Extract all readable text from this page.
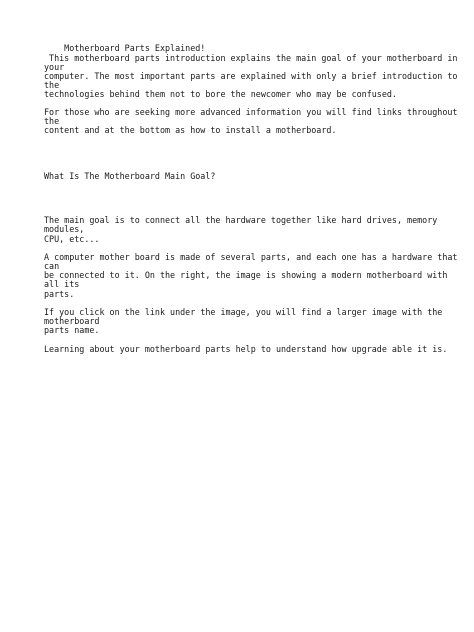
Motherboard Parts Explained!

This motherboard parts introduction explains the main goal of your motherboard in

your

computer. The most important parts are explained with only a brief introduction to

the

technologies behind them not to bore the newcomer who may be confused.

For those who are seeking more advanced information you will find links throughout

the

content and at the bottom as how to install a motherboard.

What Is The Motherboard Main Goal?

The main goal is to connect all the hardware together like hard drives, memory

modules,

CPU, etc...

A computer mother board is made of several parts, and each one has a hardware that

can

be connected to it. On the right, the image is showing a modern motherboard with

all its

parts.

If you click on the link under the image, you will find a larger image with the

motherboard

parts name.

Learning about your motherboard parts help to understand how upgrade able it is.
